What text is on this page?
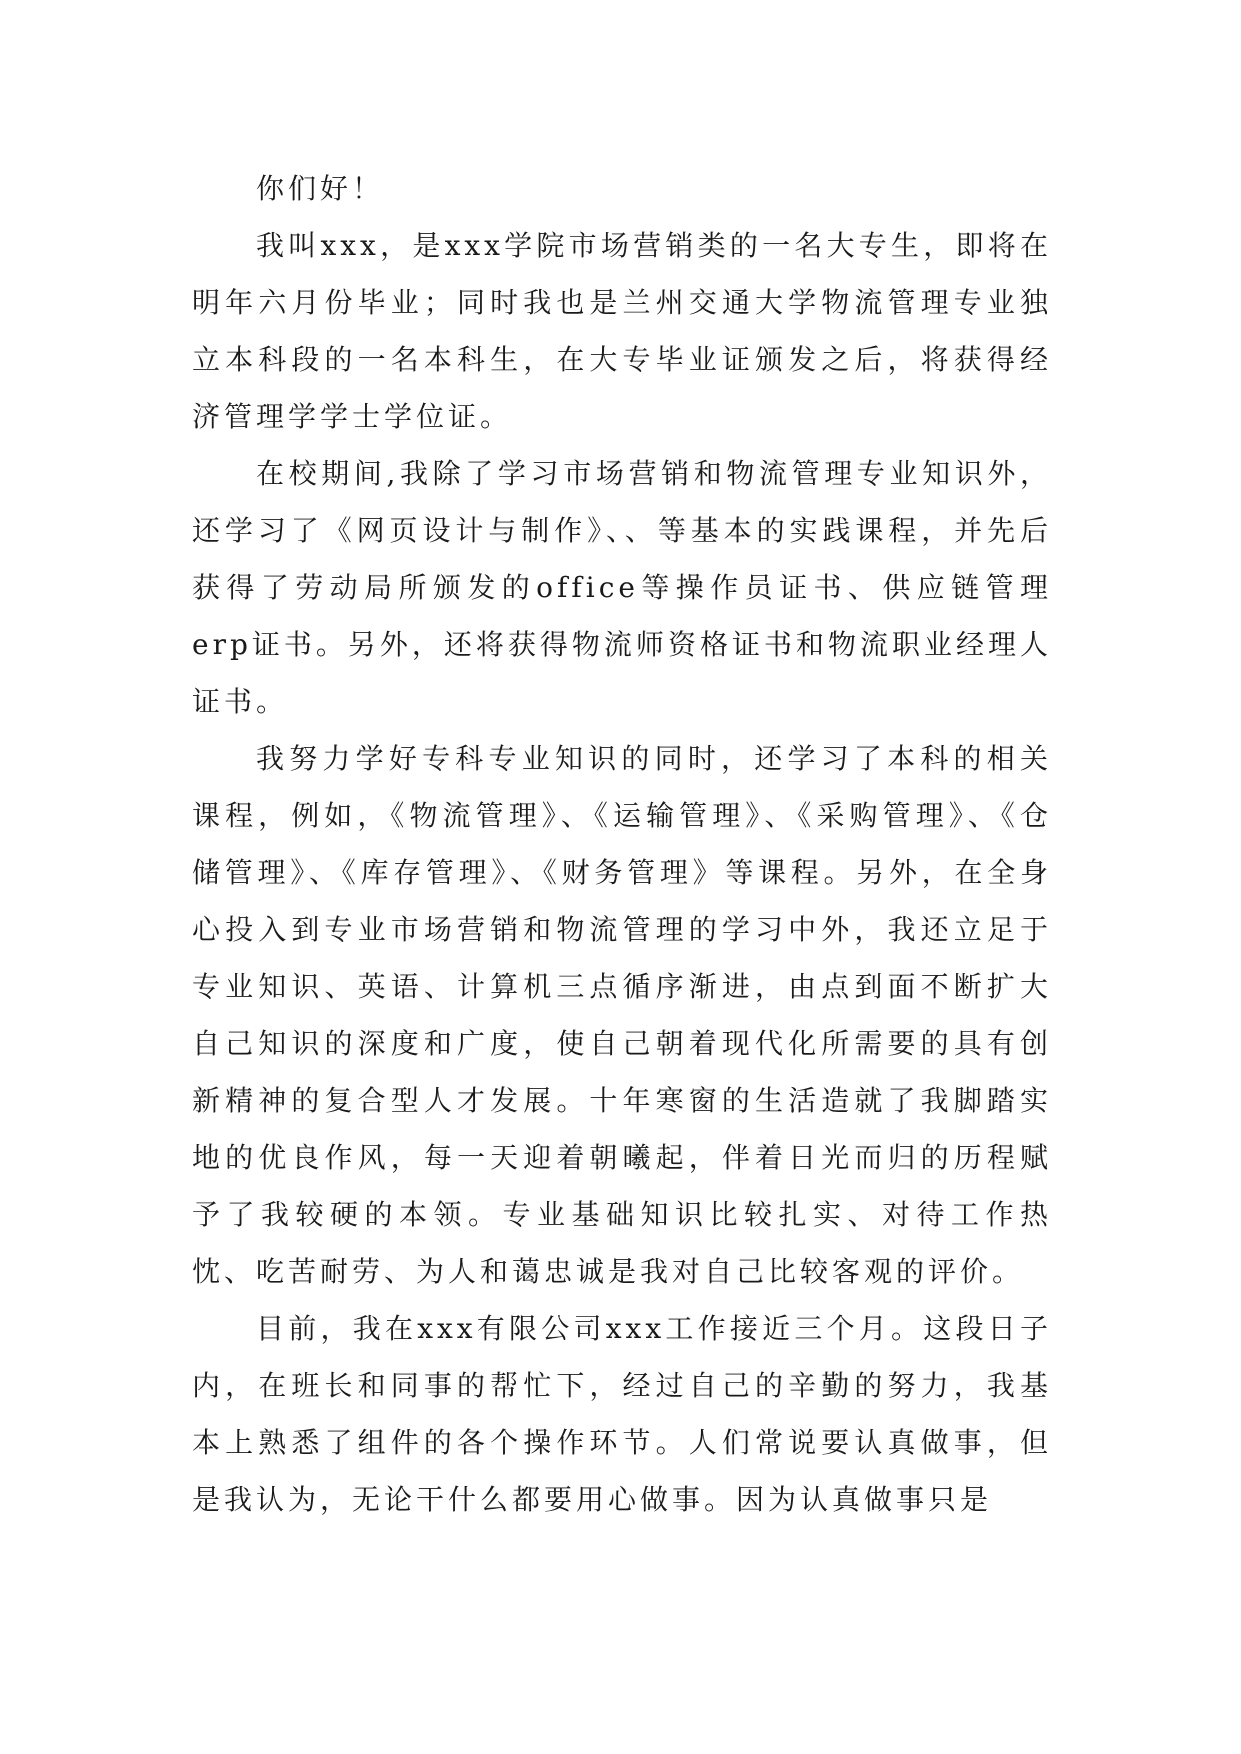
你们好！

我叫xxx，是xxx学院市场营销类的一名大专生，即将在明年六月份毕业；同时我也是兰州交通大学物流管理专业独立本科段的一名本科生，在大专毕业证颁发之后，将获得经济管理学学士学位证。

在校期间,我除了学习市场营销和物流管理专业知识外，还学习了《网页设计与制作》、、等基本的实践课程，并先后获得了劳动局所颁发的office等操作员证书、供应链管理erp证书。另外，还将获得物流师资格证书和物流职业经理人证书。

我努力学好专科专业知识的同时，还学习了本科的相关课程，例如，《物流管理》、《运输管理》、《采购管理》、《仓储管理》、《库存管理》、《财务管理》等课程。另外，在全身心投入到专业市场营销和物流管理的学习中外，我还立足于专业知识、英语、计算机三点循序渐进，由点到面不断扩大自己知识的深度和广度，使自己朝着现代化所需要的具有创新精神的复合型人才发展。十年寒窗的生活造就了我脚踏实地的优良作风，每一天迎着朝曦起，伴着日光而归的历程赋予了我较硬的本领。专业基础知识比较扎实、对待工作热忱、吃苦耐劳、为人和蔼忠诚是我对自己比较客观的评价。

目前，我在xxx有限公司xxx工作接近三个月。这段日子内，在班长和同事的帮忙下，经过自己的辛勤的努力，我基本上熟悉了组件的各个操作环节。人们常说要认真做事，但是我认为，无论干什么都要用心做事。因为认真做事只是
